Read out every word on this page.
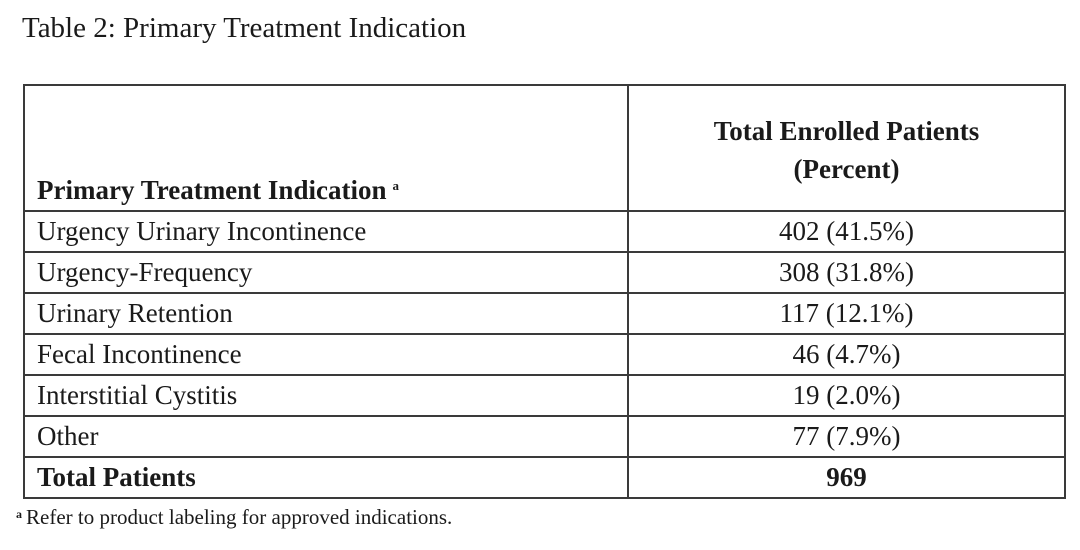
Table 2: Primary Treatment Indication
Primary Treatment Indication $^a$	Total Enrolled Patients
(Percent)

Urgency Urinary Incontinence	402 (41.5%)
Urgency-Frequency	308 (31.8%)
Urinary Retention	117 (12.1%)
Fecal Incontinence	46 (4.7%)
Interstitial Cystitis	19 (2.0%)
Other	77 (7.9%)
Total Patients	969
$^a$ Refer to product labeling for approved indications.
